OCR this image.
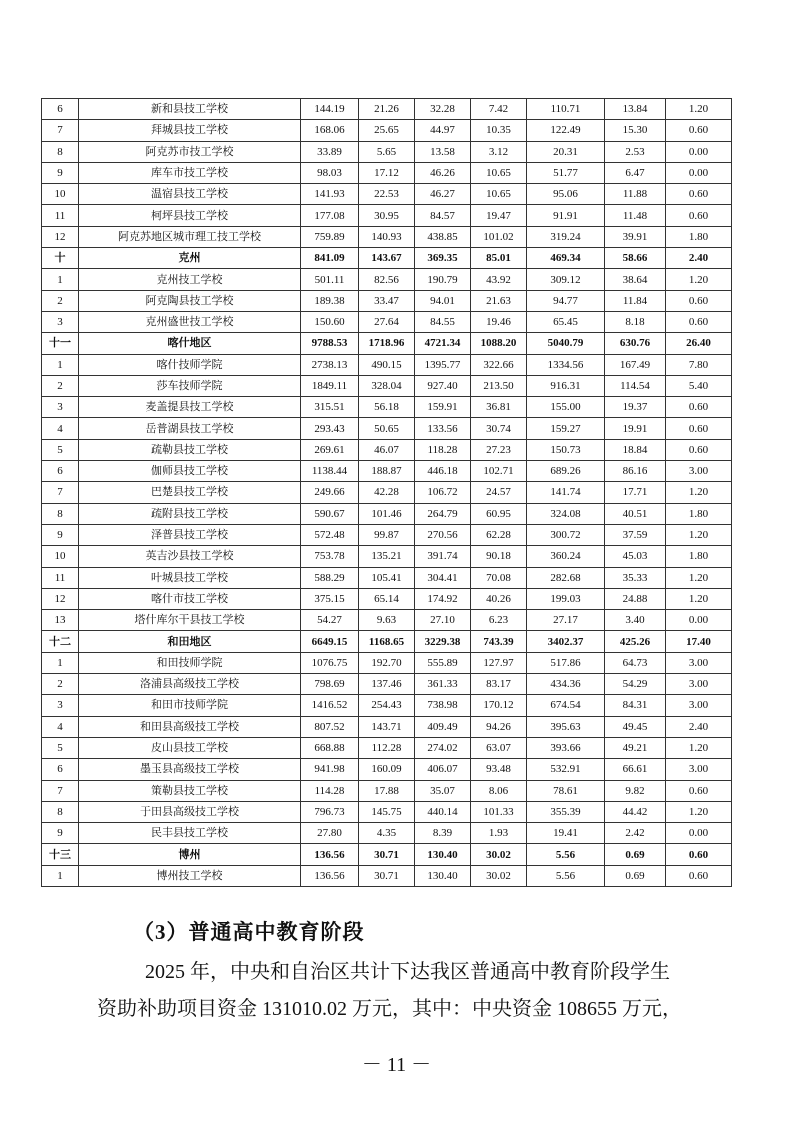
6	新和县技工学校	144.19	21.26	32.28	7.42	110.71	13.84	1.20
7	拜城县技工学校	168.06	25.65	44.97	10.35	122.49	15.30	0.60
8	阿克苏市技工学校	33.89	5.65	13.58	3.12	20.31	2.53	0.00
9	库车市技工学校	98.03	17.12	46.26	10.65	51.77	6.47	0.00
10	温宿县技工学校	141.93	22.53	46.27	10.65	95.06	11.88	0.60
11	柯坪县技工学校	177.08	30.95	84.57	19.47	91.91	11.48	0.60
12	阿克苏地区城市理工技工学校	759.89	140.93	438.85	101.02	319.24	39.91	1.80
十	克州	841.09	143.67	369.35	85.01	469.34	58.66	2.40
1	克州技工学校	501.11	82.56	190.79	43.92	309.12	38.64	1.20
2	阿克陶县技工学校	189.38	33.47	94.01	21.63	94.77	11.84	0.60
3	克州盛世技工学校	150.60	27.64	84.55	19.46	65.45	8.18	0.60
十一	喀什地区	9788.53	1718.96	4721.34	1088.20	5040.79	630.76	26.40
1	喀什技师学院	2738.13	490.15	1395.77	322.66	1334.56	167.49	7.80
2	莎车技师学院	1849.11	328.04	927.40	213.50	916.31	114.54	5.40
3	麦盖提县技工学校	315.51	56.18	159.91	36.81	155.00	19.37	0.60
4	岳普湖县技工学校	293.43	50.65	133.56	30.74	159.27	19.91	0.60
5	疏勒县技工学校	269.61	46.07	118.28	27.23	150.73	18.84	0.60
6	伽师县技工学校	1138.44	188.87	446.18	102.71	689.26	86.16	3.00
7	巴楚县技工学校	249.66	42.28	106.72	24.57	141.74	17.71	1.20
8	疏附县技工学校	590.67	101.46	264.79	60.95	324.08	40.51	1.80
9	泽普县技工学校	572.48	99.87	270.56	62.28	300.72	37.59	1.20
10	英吉沙县技工学校	753.78	135.21	391.74	90.18	360.24	45.03	1.80
11	叶城县技工学校	588.29	105.41	304.41	70.08	282.68	35.33	1.20
12	喀什市技工学校	375.15	65.14	174.92	40.26	199.03	24.88	1.20
13	塔什库尔干县技工学校	54.27	9.63	27.10	6.23	27.17	3.40	0.00
十二	和田地区	6649.15	1168.65	3229.38	743.39	3402.37	425.26	17.40
1	和田技师学院	1076.75	192.70	555.89	127.97	517.86	64.73	3.00
2	洛浦县高级技工学校	798.69	137.46	361.33	83.17	434.36	54.29	3.00
3	和田市技师学院	1416.52	254.43	738.98	170.12	674.54	84.31	3.00
4	和田县高级技工学校	807.52	143.71	409.49	94.26	395.63	49.45	2.40
5	皮山县技工学校	668.88	112.28	274.02	63.07	393.66	49.21	1.20
6	墨玉县高级技工学校	941.98	160.09	406.07	93.48	532.91	66.61	3.00
7	策勒县技工学校	114.28	17.88	35.07	8.06	78.61	9.82	0.60
8	于田县高级技工学校	796.73	145.75	440.14	101.33	355.39	44.42	1.20
9	民丰县技工学校	27.80	4.35	8.39	1.93	19.41	2.42	0.00
十三	博州	136.56	30.71	130.40	30.02	5.56	0.69	0.60
1	博州技工学校	136.56	30.71	130.40	30.02	5.56	0.69	0.60
（3）普通高中教育阶段
2025 年，中央和自治区共计下达我区普通高中教育阶段学生
资助补助项目资金 131010.02 万元，其中：中央资金 108655 万元，
－ 11 －
